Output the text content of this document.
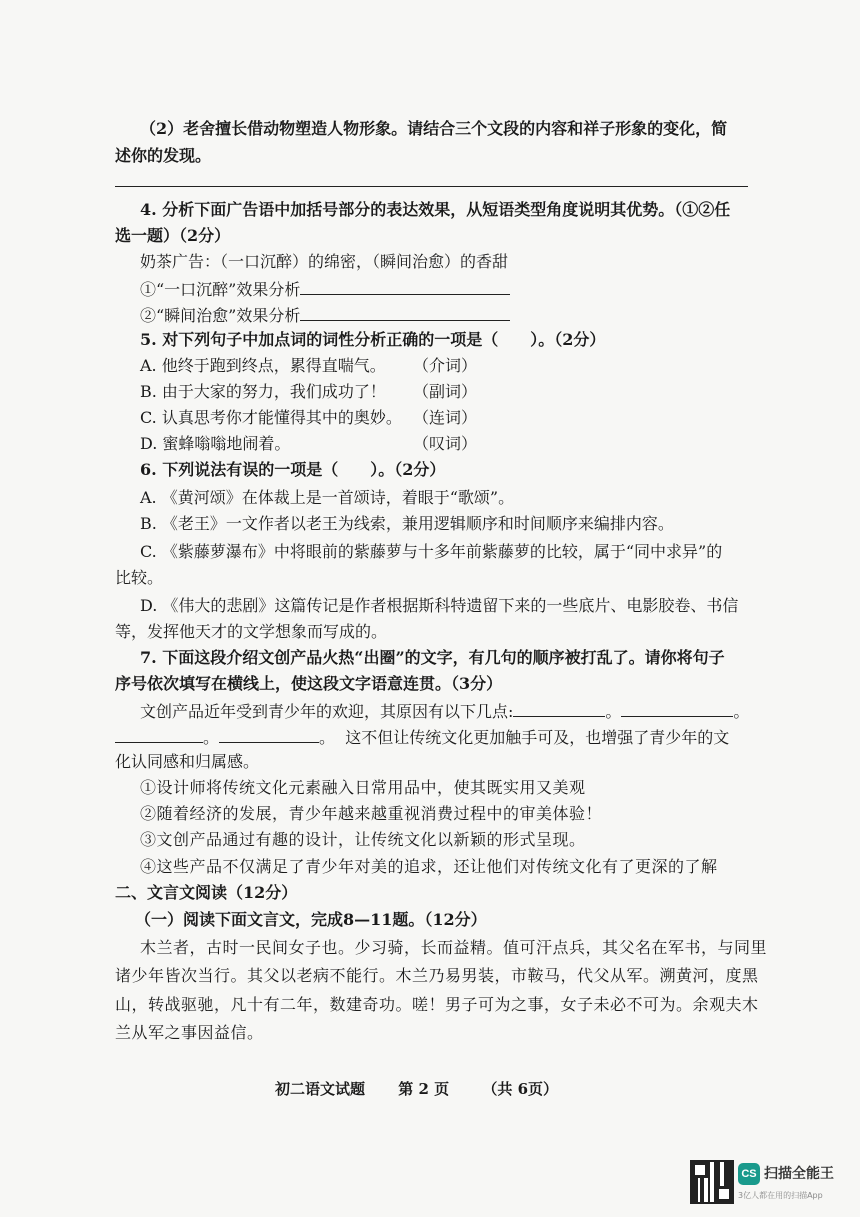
（2）老舍擅长借动物塑造人物形象。请结合三个文段的内容和祥子形象的变化，简
述你的发现。
4. 分析下面广告语中加括号部分的表达效果，从短语类型角度说明其优势。（①②任
选一题）（2分）
奶茶广告：（一口沉醉）的绵密，（瞬间治愈）的香甜
①“一口沉醉”效果分析
②“瞬间治愈”效果分析
5. 对下列句子中加点词的词性分析正确的一项是（　　）。（2分）
A. 他终于跑到终点，累得直喘气。 （介词）
B. 由于大家的努力，我们成功了！ （副词）
C. 认真思考你才能懂得其中的奥妙。 （连词）
D. 蜜蜂嗡嗡地闹着。	（叹词）
6. 下列说法有误的一项是（　　）。（2分）
A. 《黄河颂》在体裁上是一首颂诗，着眼于“歌颂”。
B. 《老王》一文作者以老王为线索，兼用逻辑顺序和时间顺序来编排内容。
C. 《紫藤萝瀑布》中将眼前的紫藤萝与十多年前紫藤萝的比较，属于“同中求异”的
比较。
D. 《伟大的悲剧》这篇传记是作者根据斯科特遗留下来的一些底片、电影胶卷、书信
等，发挥他天才的文学想象而写成的。
7. 下面这段介绍文创产品火热“出圈”的文字，有几句的顺序被打乱了。请你将句子
序号依次填写在横线上，使这段文字语意连贯。（3分）
文创产品近年受到青少年的欢迎，其原因有以下几点:	。	。
。	。 这不但让传统文化更加触手可及，也增强了青少年的文
化认同感和归属感。
①设计师将传统文化元素融入日常用品中，使其既实用又美观
②随着经济的发展，青少年越来越重视消费过程中的审美体验！
③文创产品通过有趣的设计，让传统文化以新颖的形式呈现。
④这些产品不仅满足了青少年对美的追求，还让他们对传统文化有了更深的了解
二、文言文阅读（12分）
（一）阅读下面文言文，完成8—11题。（12分）
木兰者，古时一民间女子也。少习骑，长而益精。值可汗点兵，其父名在军书，与同里
诸少年皆次当行。其父以老病不能行。木兰乃易男装，市鞍马，代父从军。溯黄河，度黑
山，转战驱驰，凡十有二年，数建奇功。嗟！男子可为之事，女子未必不可为。余观夫木
兰从军之事因益信。
初二语文试题 第 2 页 （共 6页）
CS 扫描全能王
3亿人都在用的扫描App
